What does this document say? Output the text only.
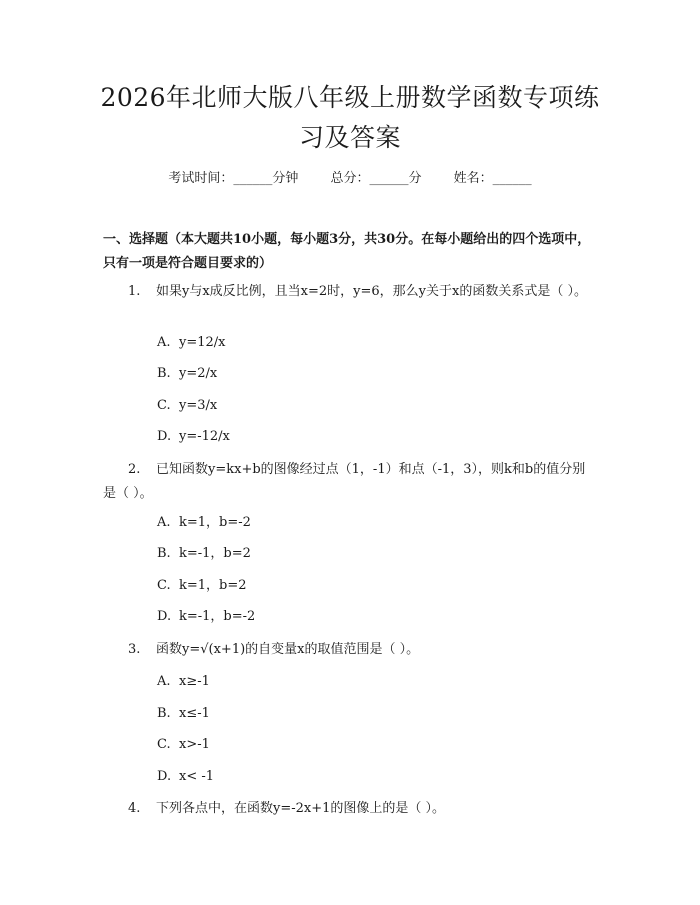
2026年北师大版八年级上册数学函数专项练习及答案
考试时间：______分钟 总分：______分 姓名：______

一、选择题（本大题共10小题，每小题3分，共30分。在每小题给出的四个选项中，只有一项是符合题目要求的）

1. 如果y与x成反比例，且当x=2时，y=6，那么y关于x的函数关系式是（ ）。

A. y=12/x
B. y=2/x
C. y=3/x
D. y=-12/x

2. 已知函数y=kx+b的图像经过点（1，-1）和点（-1，3），则k和b的值分别是（ ）。

A. k=1，b=-2
B. k=-1，b=2
C. k=1，b=2
D. k=-1，b=-2

3. 函数y=√(x+1)的自变量x的取值范围是（ ）。

A. x≥-1
B. x≤-1
C. x>-1
D. x< -1

4. 下列各点中，在函数y=-2x+1的图像上的是（ ）。
